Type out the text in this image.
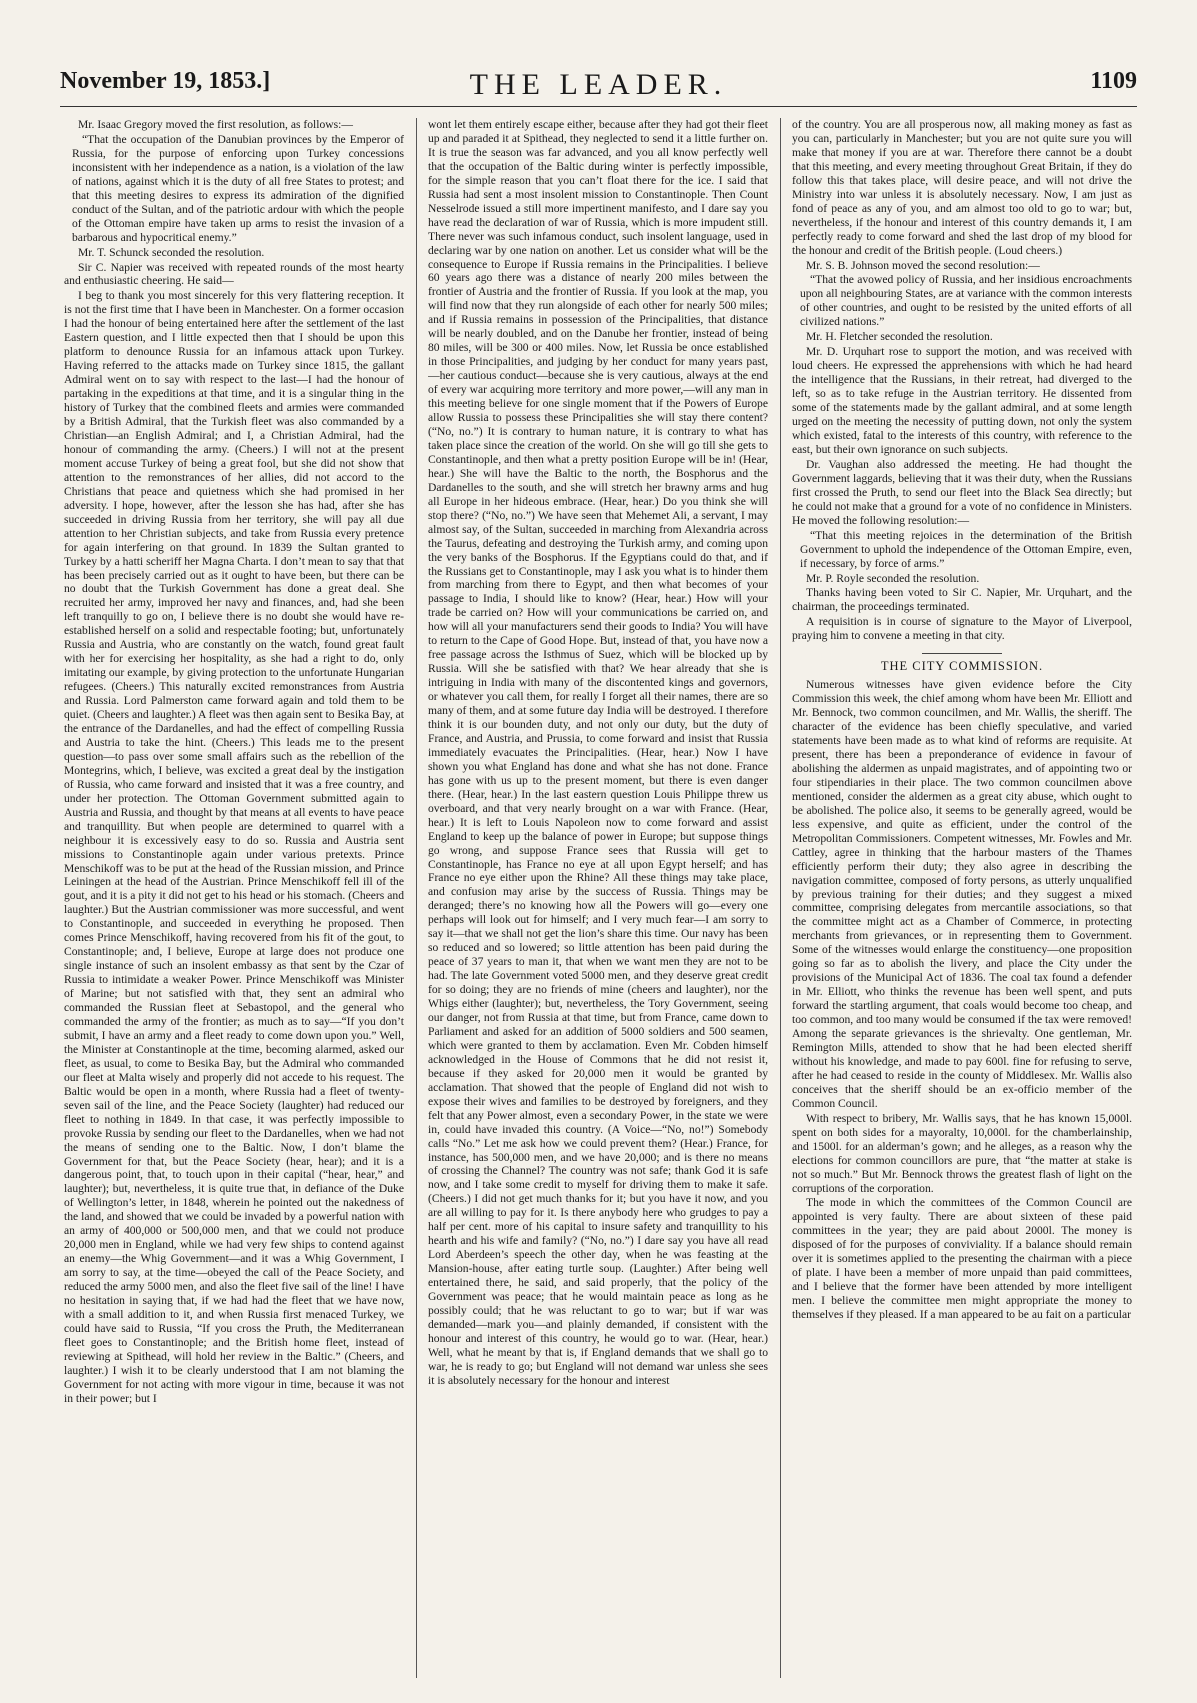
November 19, 1853.]	THE LEADER.	1109

Mr. Isaac Gregory moved the first resolution, as follows:—

“That the occupation of the Danubian provinces by the Emperor of Russia, for the purpose of enforcing upon Turkey concessions inconsistent with her independence as a nation, is a violation of the law of nations, against which it is the duty of all free States to protest; and that this meeting desires to express its admiration of the dignified conduct of the Sultan, and of the patriotic ardour with which the people of the Ottoman empire have taken up arms to resist the invasion of a barbarous and hypocritical enemy.”

Mr. T. Schunck seconded the resolution.

Sir C. Napier was received with repeated rounds of the most hearty and enthusiastic cheering. He said—

I beg to thank you most sincerely for this very flattering reception. It is not the first time that I have been in Manchester. On a former occasion I had the honour of being entertained here after the settlement of the last Eastern question, and I little expected then that I should be upon this platform to denounce Russia for an infamous attack upon Turkey. Having referred to the attacks made on Turkey since 1815, the gallant Admiral went on to say with respect to the last—I had the honour of partaking in the expeditions at that time, and it is a singular thing in the history of Turkey that the combined fleets and armies were commanded by a British Admiral, that the Turkish fleet was also commanded by a Christian—an English Admiral; and I, a Christian Admiral, had the honour of commanding the army. (Cheers.) I will not at the present moment accuse Turkey of being a great fool, but she did not show that attention to the remonstrances of her allies, did not accord to the Christians that peace and quietness which she had promised in her adversity. I hope, however, after the lesson she has had, after she has succeeded in driving Russia from her territory, she will pay all due attention to her Christian subjects, and take from Russia every pretence for again interfering on that ground. In 1839 the Sultan granted to Turkey by a hatti scheriff her Magna Charta. I don’t mean to say that that has been precisely carried out as it ought to have been, but there can be no doubt that the Turkish Government has done a great deal. She recruited her army, improved her navy and finances, and, had she been left tranquilly to go on, I believe there is no doubt she would have re-established herself on a solid and respectable footing; but, unfortunately Russia and Austria, who are constantly on the watch, found great fault with her for exercising her hospitality, as she had a right to do, only imitating our example, by giving protection to the unfortunate Hungarian refugees. (Cheers.) This naturally excited remonstrances from Austria and Russia. Lord Palmerston came forward again and told them to be quiet. (Cheers and laughter.) A fleet was then again sent to Besika Bay, at the entrance of the Dardanelles, and had the effect of compelling Russia and Austria to take the hint. (Cheers.) This leads me to the present question—to pass over some small affairs such as the rebellion of the Montegrins, which, I believe, was excited a great deal by the instigation of Russia, who came forward and insisted that it was a free country, and under her protection. The Ottoman Government submitted again to Austria and Russia, and thought by that means at all events to have peace and tranquillity. But when people are determined to quarrel with a neighbour it is excessively easy to do so. Russia and Austria sent missions to Constantinople again under various pretexts. Prince Menschikoff was to be put at the head of the Russian mission, and Prince Leiningen at the head of the Austrian. Prince Menschikoff fell ill of the gout, and it is a pity it did not get to his head or his stomach. (Cheers and laughter.) But the Austrian commissioner was more successful, and went to Constantinople, and succeeded in everything he proposed. Then comes Prince Menschikoff, having recovered from his fit of the gout, to Constantinople; and, I believe, Europe at large does not produce one single instance of such an insolent embassy as that sent by the Czar of Russia to intimidate a weaker Power. Prince Menschikoff was Minister of Marine; but not satisfied with that, they sent an admiral who commanded the Russian fleet at Sebastopol, and the general who commanded the army of the frontier; as much as to say—“If you don’t submit, I have an army and a fleet ready to come down upon you.” Well, the Minister at Constantinople at the time, becoming alarmed, asked our fleet, as usual, to come to Besika Bay, but the Admiral who commanded our fleet at Malta wisely and properly did not accede to his request. The Baltic would be open in a month, where Russia had a fleet of twenty-seven sail of the line, and the Peace Society (laughter) had reduced our fleet to nothing in 1849. In that case, it was perfectly impossible to provoke Russia by sending our fleet to the Dardanelles, when we had not the means of sending one to the Baltic. Now, I don’t blame the Government for that, but the Peace Society (hear, hear); and it is a dangerous point, that, to touch upon in their capital (“hear, hear,” and laughter); but, nevertheless, it is quite true that, in defiance of the Duke of Wellington’s letter, in 1848, wherein he pointed out the nakedness of the land, and showed that we could be invaded by a powerful nation with an army of 400,000 or 500,000 men, and that we could not produce 20,000 men in England, while we had very few ships to contend against an enemy—the Whig Government—and it was a Whig Government, I am sorry to say, at the time—obeyed the call of the Peace Society, and reduced the army 5000 men, and also the fleet five sail of the line! I have no hesitation in saying that, if we had had the fleet that we have now, with a small addition to it, and when Russia first menaced Turkey, we could have said to Russia, “If you cross the Pruth, the Mediterranean fleet goes to Constantinople; and the British home fleet, instead of reviewing at Spithead, will hold her review in the Baltic.” (Cheers, and laughter.) I wish it to be clearly understood that I am not blaming the Government for not acting with more vigour in time, because it was not in their power; but I

wont let them entirely escape either, because after they had got their fleet up and paraded it at Spithead, they neglected to send it a little further on. It is true the season was far advanced, and you all know perfectly well that the occupation of the Baltic during winter is perfectly impossible, for the simple reason that you can’t float there for the ice. I said that Russia had sent a most insolent mission to Constantinople. Then Count Nesselrode issued a still more impertinent manifesto, and I dare say you have read the declaration of war of Russia, which is more impudent still. There never was such infamous conduct, such insolent language, used in declaring war by one nation on another. Let us consider what will be the consequence to Europe if Russia remains in the Principalities. I believe 60 years ago there was a distance of nearly 200 miles between the frontier of Austria and the frontier of Russia. If you look at the map, you will find now that they run alongside of each other for nearly 500 miles; and if Russia remains in possession of the Principalities, that distance will be nearly doubled, and on the Danube her frontier, instead of being 80 miles, will be 300 or 400 miles. Now, let Russia be once established in those Principalities, and judging by her conduct for many years past,—her cautious conduct—because she is very cautious, always at the end of every war acquiring more territory and more power,—will any man in this meeting believe for one single moment that if the Powers of Europe allow Russia to possess these Principalities she will stay there content? (“No, no.”) It is contrary to human nature, it is contrary to what has taken place since the creation of the world. On she will go till she gets to Constantinople, and then what a pretty position Europe will be in! (Hear, hear.) She will have the Baltic to the north, the Bosphorus and the Dardanelles to the south, and she will stretch her brawny arms and hug all Europe in her hideous embrace. (Hear, hear.) Do you think she will stop there? (“No, no.”) We have seen that Mehemet Ali, a servant, I may almost say, of the Sultan, succeeded in marching from Alexandria across the Taurus, defeating and destroying the Turkish army, and coming upon the very banks of the Bosphorus. If the Egyptians could do that, and if the Russians get to Constantinople, may I ask you what is to hinder them from marching from there to Egypt, and then what becomes of your passage to India, I should like to know? (Hear, hear.) How will your trade be carried on? How will your communications be carried on, and how will all your manufacturers send their goods to India? You will have to return to the Cape of Good Hope. But, instead of that, you have now a free passage across the Isthmus of Suez, which will be blocked up by Russia. Will she be satisfied with that? We hear already that she is intriguing in India with many of the discontented kings and governors, or whatever you call them, for really I forget all their names, there are so many of them, and at some future day India will be destroyed. I therefore think it is our bounden duty, and not only our duty, but the duty of France, and Austria, and Prussia, to come forward and insist that Russia immediately evacuates the Principalities. (Hear, hear.) Now I have shown you what England has done and what she has not done. France has gone with us up to the present moment, but there is even danger there. (Hear, hear.) In the last eastern question Louis Philippe threw us overboard, and that very nearly brought on a war with France. (Hear, hear.) It is left to Louis Napoleon now to come forward and assist England to keep up the balance of power in Europe; but suppose things go wrong, and suppose France sees that Russia will get to Constantinople, has France no eye at all upon Egypt herself; and has France no eye either upon the Rhine? All these things may take place, and confusion may arise by the success of Russia. Things may be deranged; there’s no knowing how all the Powers will go—every one perhaps will look out for himself; and I very much fear—I am sorry to say it—that we shall not get the lion’s share this time. Our navy has been so reduced and so lowered; so little attention has been paid during the peace of 37 years to man it, that when we want men they are not to be had. The late Government voted 5000 men, and they deserve great credit for so doing; they are no friends of mine (cheers and laughter), nor the Whigs either (laughter); but, nevertheless, the Tory Government, seeing our danger, not from Russia at that time, but from France, came down to Parliament and asked for an addition of 5000 soldiers and 500 seamen, which were granted to them by acclamation. Even Mr. Cobden himself acknowledged in the House of Commons that he did not resist it, because if they asked for 20,000 men it would be granted by acclamation. That showed that the people of England did not wish to expose their wives and families to be destroyed by foreigners, and they felt that any Power almost, even a secondary Power, in the state we were in, could have invaded this country. (A Voice—“No, no!”) Somebody calls “No.” Let me ask how we could prevent them? (Hear.) France, for instance, has 500,000 men, and we have 20,000; and is there no means of crossing the Channel? The country was not safe; thank God it is safe now, and I take some credit to myself for driving them to make it safe. (Cheers.) I did not get much thanks for it; but you have it now, and you are all willing to pay for it. Is there anybody here who grudges to pay a half per cent. more of his capital to insure safety and tranquillity to his hearth and his wife and family? (“No, no.”) I dare say you have all read Lord Aberdeen’s speech the other day, when he was feasting at the Mansion-house, after eating turtle soup. (Laughter.) After being well entertained there, he said, and said properly, that the policy of the Government was peace; that he would maintain peace as long as he possibly could; that he was reluctant to go to war; but if war was demanded—mark you—and plainly demanded, if consistent with the honour and interest of this country, he would go to war. (Hear, hear.) Well, what he meant by that is, if England demands that we shall go to war, he is ready to go; but England will not demand war unless she sees it is absolutely necessary for the honour and interest

of the country. You are all prosperous now, all making money as fast as you can, particularly in Manchester; but you are not quite sure you will make that money if you are at war. Therefore there cannot be a doubt that this meeting, and every meeting throughout Great Britain, if they do follow this that takes place, will desire peace, and will not drive the Ministry into war unless it is absolutely necessary. Now, I am just as fond of peace as any of you, and am almost too old to go to war; but, nevertheless, if the honour and interest of this country demands it, I am perfectly ready to come forward and shed the last drop of my blood for the honour and credit of the British people. (Loud cheers.)

Mr. S. B. Johnson moved the second resolution:—

“That the avowed policy of Russia, and her insidious encroachments upon all neighbouring States, are at variance with the common interests of other countries, and ought to be resisted by the united efforts of all civilized nations.”

Mr. H. Fletcher seconded the resolution.

Mr. D. Urquhart rose to support the motion, and was received with loud cheers. He expressed the apprehensions with which he had heard the intelligence that the Russians, in their retreat, had diverged to the left, so as to take refuge in the Austrian territory. He dissented from some of the statements made by the gallant admiral, and at some length urged on the meeting the necessity of putting down, not only the system which existed, fatal to the interests of this country, with reference to the east, but their own ignorance on such subjects.

Dr. Vaughan also addressed the meeting. He had thought the Government laggards, believing that it was their duty, when the Russians first crossed the Pruth, to send our fleet into the Black Sea directly; but he could not make that a ground for a vote of no confidence in Ministers. He moved the following resolution:—

“That this meeting rejoices in the determination of the British Government to uphold the independence of the Ottoman Empire, even, if necessary, by force of arms.”

Mr. P. Royle seconded the resolution.

Thanks having been voted to Sir C. Napier, Mr. Urquhart, and the chairman, the proceedings terminated.

A requisition is in course of signature to the Mayor of Liverpool, praying him to convene a meeting in that city.

THE CITY COMMISSION.

Numerous witnesses have given evidence before the City Commission this week, the chief among whom have been Mr. Elliott and Mr. Bennock, two common councilmen, and Mr. Wallis, the sheriff. The character of the evidence has been chiefly speculative, and varied statements have been made as to what kind of reforms are requisite. At present, there has been a preponderance of evidence in favour of abolishing the aldermen as unpaid magistrates, and of appointing two or four stipendiaries in their place. The two common councilmen above mentioned, consider the aldermen as a great city abuse, which ought to be abolished. The police also, it seems to be generally agreed, would be less expensive, and quite as efficient, under the control of the Metropolitan Commissioners. Competent witnesses, Mr. Fowles and Mr. Cattley, agree in thinking that the harbour masters of the Thames efficiently perform their duty; they also agree in describing the navigation committee, composed of forty persons, as utterly unqualified by previous training for their duties; and they suggest a mixed committee, comprising delegates from mercantile associations, so that the committee might act as a Chamber of Commerce, in protecting merchants from grievances, or in representing them to Government. Some of the witnesses would enlarge the constituency—one proposition going so far as to abolish the livery, and place the City under the provisions of the Municipal Act of 1836. The coal tax found a defender in Mr. Elliott, who thinks the revenue has been well spent, and puts forward the startling argument, that coals would become too cheap, and too common, and too many would be consumed if the tax were removed! Among the separate grievances is the shrievalty. One gentleman, Mr. Remington Mills, attended to show that he had been elected sheriff without his knowledge, and made to pay 600l. fine for refusing to serve, after he had ceased to reside in the county of Middlesex. Mr. Wallis also conceives that the sheriff should be an ex-officio member of the Common Council.

With respect to bribery, Mr. Wallis says, that he has known 15,000l. spent on both sides for a mayoralty, 10,000l. for the chamberlainship, and 1500l. for an alderman’s gown; and he alleges, as a reason why the elections for common councillors are pure, that “the matter at stake is not so much.” But Mr. Bennock throws the greatest flash of light on the corruptions of the corporation.

The mode in which the committees of the Common Council are appointed is very faulty. There are about sixteen of these paid committees in the year; they are paid about 2000l. The money is disposed of for the purposes of conviviality. If a balance should remain over it is sometimes applied to the presenting the chairman with a piece of plate. I have been a member of more unpaid than paid committees, and I believe that the former have been attended by more intelligent men. I believe the committee men might appropriate the money to themselves if they pleased. If a man appeared to be au fait on a particular
